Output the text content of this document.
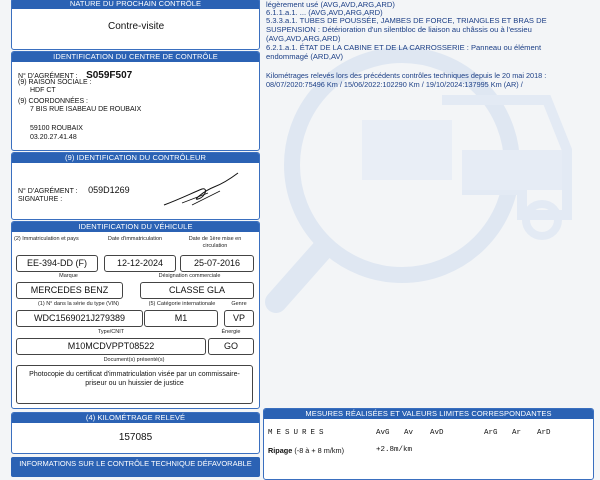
NATURE DU PROCHAIN CONTRÔLE
Contre-visite
IDENTIFICATION DU CENTRE DE CONTRÔLE
N° D'AGRÉMENT : S059F507
(9) RAISON SOCIALE :
HDF CT
(9) COORDONNÉES :
7 BIS RUE ISABEAU DE ROUBAIX
59100 ROUBAIX
03.20.27.41.48
(9) IDENTIFICATION DU CONTRÔLEUR
N° D'AGRÉMENT : 059D1269
SIGNATURE :
IDENTIFICATION DU VÉHICULE
(2) Immatriculation et pays	Date d'immatriculation	Date de 1ère mise en circulation
EE-394-DD (F)	12-12-2024	25-07-2016
Marque	Désignation commerciale
MERCEDES BENZ	CLASSE GLA
(1) N° dans la série du type (VIN)	(5) Catégorie internationale	Genre
WDC1569021J279389	M1	VP
Type/CNIT	Énergie
M10MCDVPPT08522	GO
Document(s) présenté(s)
Photocopie du certificat d'immatriculation visée par un commissaire-priseur ou un huissier de justice
(4) KILOMÉTRAGE RELEVÉ
157085
INFORMATIONS SUR LE CONTRÔLE TECHNIQUE DÉFAVORABLE
légèrement usé (AVG,AVD,ARG,ARD)
6.1.1.a.1. ... (AVG,AVD,ARG,ARD)
5.3.3.a.1. TUBES DE POUSSÉE, JAMBES DE FORCE, TRIANGLES ET BRAS DE
SUSPENSION : Détérioration d'un silentbloc de liaison au châssis ou à l'essieu
(AVG,AVD,ARG,ARD)
6.2.1.a.1. ÉTAT DE LA CABINE ET DE LA CARROSSERIE : Panneau ou élément
endommagé (ARD,AV)
Kilométrages relevés lors des précédents contrôles techniques depuis le 20 mai 2018 :
08/07/2020:75496 Km / 15/06/2022:102290 Km / 19/10/2024:137995 Km (AR) /
MESURES RÉALISÉES ET VALEURS LIMITES CORRESPONDANTES
MESURES	AvG Av AvD	ArG Ar ArD
Ripage (-8 à + 8 m/km)	+2.8m/km
